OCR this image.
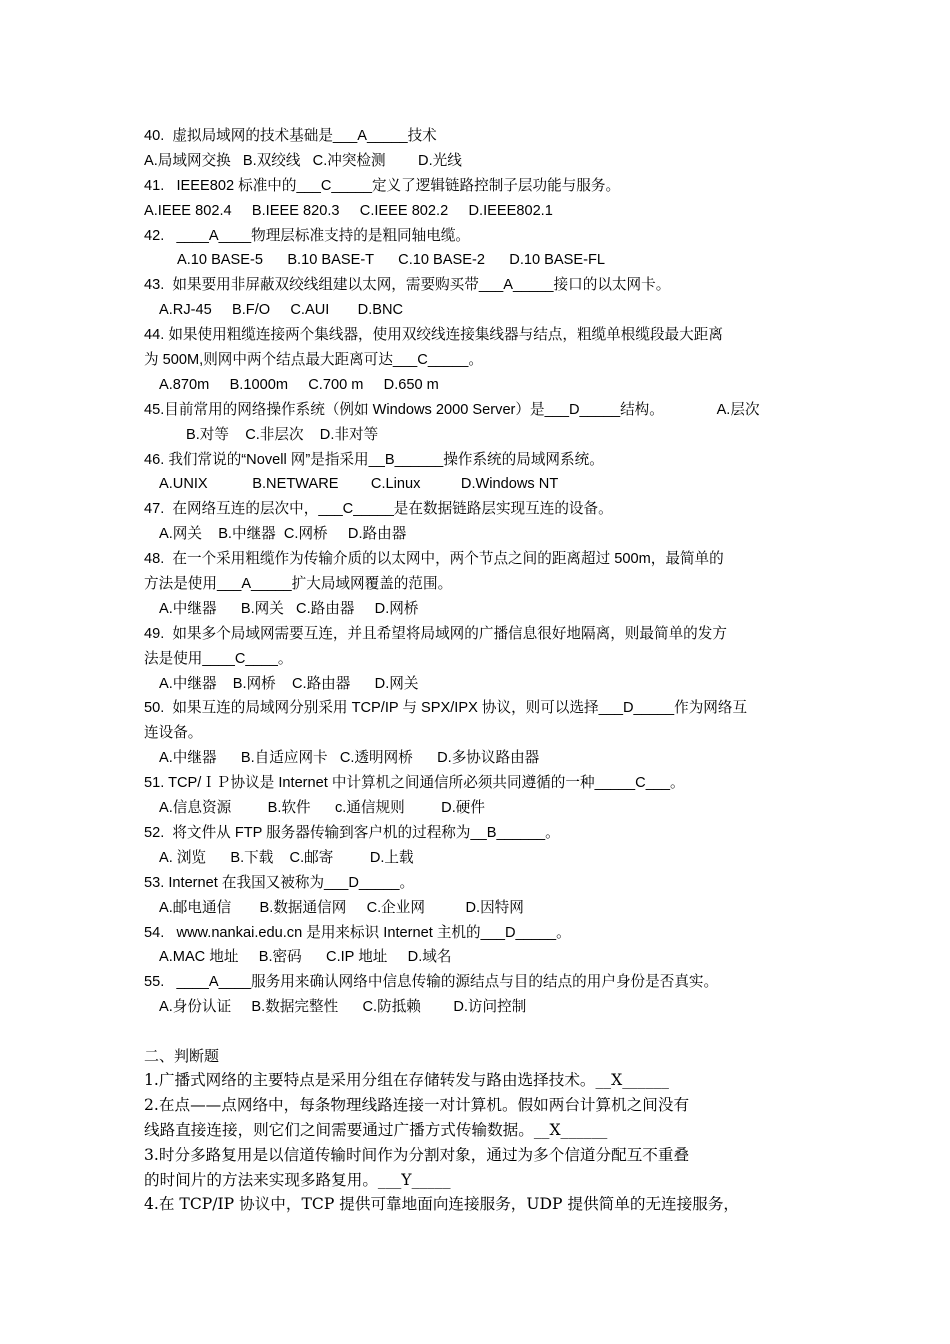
40.  虚拟局域网的技术基础是___A_____技术
A.局域网交换   B.双绞线   C.冲突检测        D.光线
41.   IEEE802 标准中的___C_____定义了逻辑链路控制子层功能与服务。
A.IEEE 802.4     B.IEEE 820.3     C.IEEE 802.2     D.IEEE802.1
42.   ____A____物理层标准支持的是粗同轴电缆。
A.10 BASE-5      B.10 BASE-T      C.10 BASE-2      D.10 BASE-FL
43.  如果要用非屏蔽双绞线组建以太网，需要购买带___A_____接口的以太网卡。
A.RJ-45     B.F/O     C.AUI       D.BNC
44. 如果使用粗缆连接两个集线器，使用双绞线连接集线器与结点，粗缆单根缆段最大距离
为 500M,则网中两个结点最大距离可达___C_____。
A.870m     B.1000m     C.700 m     D.650 m
45.目前常用的网络操作系统（例如 Windows 2000 Server）是___D_____结构。             A.层次
B.对等    C.非层次    D.非对等
46. 我们常说的“Novell 网”是指采用__B______操作系统的局域网系统。
A.UNIX           B.NETWARE        C.Linux          D.Windows NT
47.  在网络互连的层次中，___C_____是在数据链路层实现互连的设备。
A.网关    B.中继器  C.网桥     D.路由器
48.  在一个采用粗缆作为传输介质的以太网中，两个节点之间的距离超过 500m，最简单的
方法是使用___A_____扩大局域网覆盖的范围。
A.中继器      B.网关   C.路由器     D.网桥
49.  如果多个局域网需要互连，并且希望将局域网的广播信息很好地隔离，则最简单的发方
法是使用____C____。
A.中继器    B.网桥    C.路由器      D.网关
50.  如果互连的局域网分别采用 TCP/IP 与 SPX/IPX 协议，则可以选择___D_____作为网络互
连设备。
A.中继器      B.自适应网卡   C.透明网桥      D.多协议路由器
51. TCP/ＩＰ协议是 Internet 中计算机之间通信所必须共同遵循的一种_____C___。
A.信息资源         B.软件      c.通信规则         D.硬件
52.  将文件从 FTP 服务器传输到客户机的过程称为__B______。
A. 浏览      B.下载    C.邮寄         D.上载
53. Internet 在我国又被称为___D_____。
A.邮电通信       B.数据通信网     C.企业网          D.因特网
54.   www.nankai.edu.cn 是用来标识 Internet 主机的___D_____。
A.MAC 地址     B.密码      C.IP 地址     D.域名
55.   ____A____服务用来确认网络中信息传输的源结点与目的结点的用户身份是否真实。
A.身份认证     B.数据完整性      C.防抵赖        D.访问控制
二、判断题
1.广播式网络的主要特点是采用分组在存储转发与路由选择技术。__X______
2.在点——点网络中，每条物理线路连接一对计算机。假如两台计算机之间没有
线路直接连接，则它们之间需要通过广播方式传输数据。__X______
3.时分多路复用是以信道传输时间作为分割对象，通过为多个信道分配互不重叠
的时间片的方法来实现多路复用。___Y_____
4.在 TCP/IP 协议中，TCP 提供可靠地面向连接服务，UDP 提供简单的无连接服务，
